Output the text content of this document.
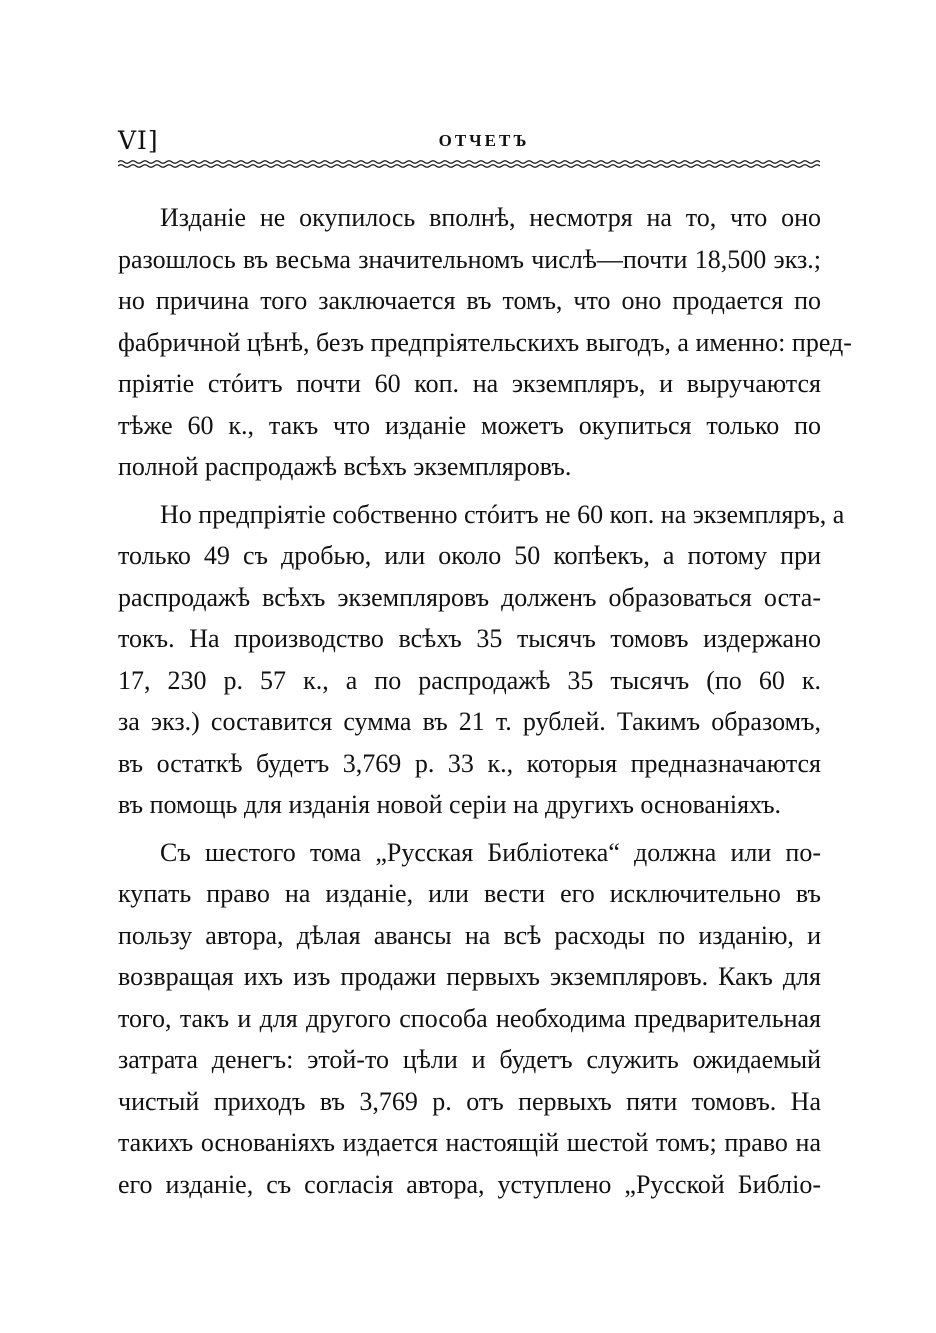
VI]	ОТЧЕТЪ
Изданіе не окупилось вполнѣ, несмотря на то, что оно
разошлось въ весьма значительномъ числѣ—почти 18,500 экз.;
но причина того заключается въ томъ, что оно продается по
фабричной цѣнѣ, безъ предпріятельскихъ выгодъ, а именно: пред-
пріятіе стóитъ почти 60 коп. на экземпляръ, и выручаются
тѣже 60 к., такъ что изданіе можетъ окупиться только по
полной распродажѣ всѣхъ экземпляровъ.
Но предпріятіе собственно стóитъ не 60 коп. на экземпляръ, а
только 49 съ дробью, или около 50 копѣекъ, а потому при
распродажѣ всѣхъ экземпляровъ долженъ образоваться оста-
токъ. На производство всѣхъ 35 тысячъ томовъ издержано
17, 230 р. 57 к., а по распродажѣ 35 тысячъ (по 60 к.
за экз.) составится сумма въ 21 т. рублей. Такимъ образомъ,
въ остаткѣ будетъ 3,769 р. 33 к., которыя предназначаются
въ помощь для изданія новой серіи на другихъ основаніяхъ.
Съ шестого тома „Русская Библіотека“ должна или по-
купать право на изданіе, или вести его исключительно въ
пользу автора, дѣлая авансы на всѣ расходы по изданію, и
возвращая ихъ изъ продажи первыхъ экземпляровъ. Какъ для
того, такъ и для другого способа необходима предварительная
затрата денегъ: этой-то цѣли и будетъ служить ожидаемый
чистый приходъ въ 3,769 р. отъ первыхъ пяти томовъ. На
такихъ основаніяхъ издается настоящій шестой томъ; право на
его изданіе, съ согласія автора, уступлено „Русской Библіо-
